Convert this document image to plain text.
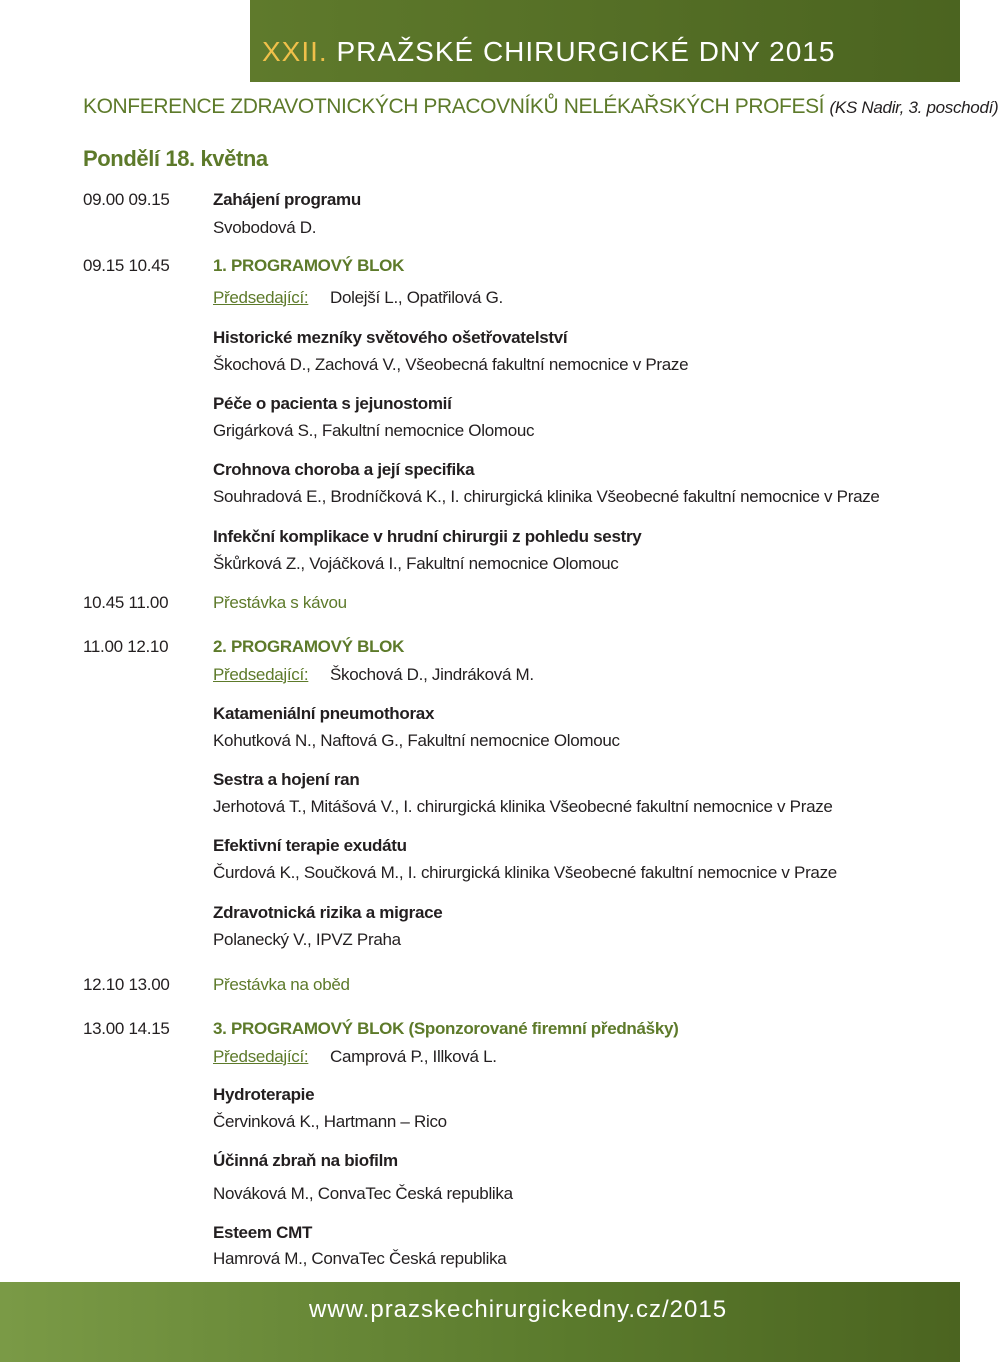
XXII. PRAŽSKÉ CHIRURGICKÉ DNY 2015
KONFERENCE ZDRAVOTNICKÝCH PRACOVNÍKŮ NELÉKAŘSKÝCH PROFESÍ (KS Nadir, 3. poschodí)
Pondělí 18. května
09.00 09.15	Zahájení programu
Svobodová D.
09.15 10.45	1. PROGRAMOVÝ BLOK
Předsedající: Dolejší L., Opatřilová G.
Historické mezníky světového ošetřovatelství
Škochová D., Zachová V., Všeobecná fakultní nemocnice v Praze
Péče o pacienta s jejunostomií
Grigárková S., Fakultní nemocnice Olomouc
Crohnova choroba a její specifika
Souhradová E., Brodníčková K., I. chirurgická klinika Všeobecné fakultní nemocnice v Praze
Infekční komplikace v hrudní chirurgii z pohledu sestry
Škůrková Z., Vojáčková I., Fakultní nemocnice Olomouc
10.45 11.00	Přestávka s kávou
11.00 12.10	2. PROGRAMOVÝ BLOK
Předsedající: Škochová D., Jindráková M.
Katameniální pneumothorax
Kohutková N., Naftová G., Fakultní nemocnice Olomouc
Sestra a hojení ran
Jerhotová T., Mitášová V., I. chirurgická klinika Všeobecné fakultní nemocnice v Praze
Efektivní terapie exudátu
Čurdová K., Součková M., I. chirurgická klinika Všeobecné fakultní nemocnice v Praze
Zdravotnická rizika a migrace
Polanecký V., IPVZ Praha
12.10 13.00	Přestávka na oběd
13.00 14.15	3. PROGRAMOVÝ BLOK (Sponzorované firemní přednášky)
Předsedající: Camprová P., Illková L.
Hydroterapie
Červinková K., Hartmann – Rico
Účinná zbraň na biofilm
Nováková M., ConvaTec Česká republika
Esteem CMT
Hamrová M., ConvaTec Česká republika
www.prazskechirurgickedny.cz/2015
